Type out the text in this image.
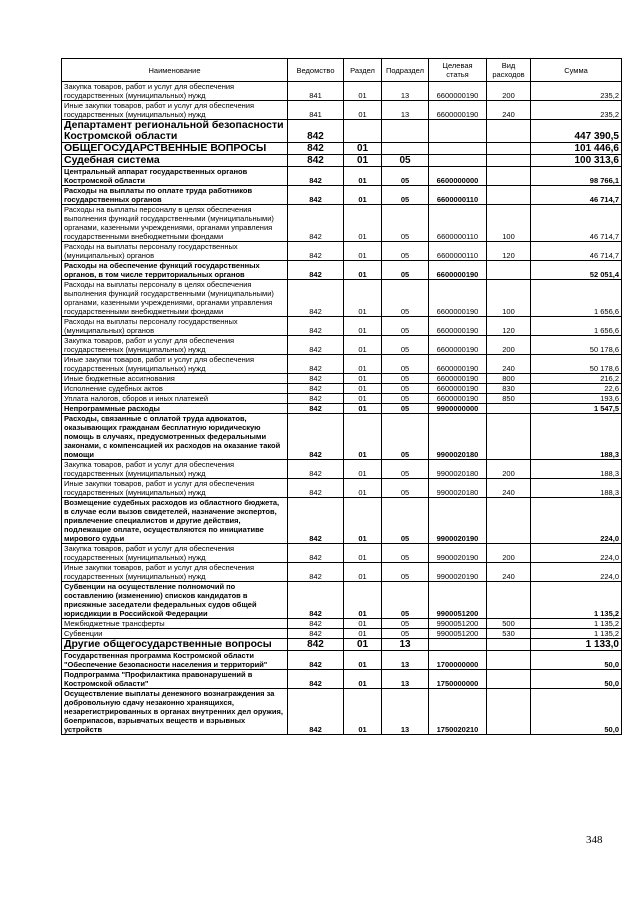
Наименование	Ведомство	Раздел	Подраздел	Целевая статья	Вид расходов	Сумма
Закупка товаров, работ и услуг для обеспечения государственных (муниципальных) нужд	841	01	13	6600000190	200	235,2
Иные закупки товаров, работ и услуг для обеспечения государственных (муниципальных) нужд	841	01	13	6600000190	240	235,2
Департамент региональной безопасности Костромской области	842					447 390,5
ОБЩЕГОСУДАРСТВЕННЫЕ ВОПРОСЫ	842	01				101 446,6
Судебная система	842	01	05			100 313,6
Центральный аппарат государственных органов Костромской области	842	01	05	6600000000		98 766,1
Расходы на выплаты по оплате труда работников государственных органов	842	01	05	6600000110		46 714,7
Расходы на выплаты персоналу в целях обеспечения выполнения функций государственными (муниципальными) органами, казенными учреждениями, органами управления государственными внебюджетными фондами	842	01	05	6600000110	100	46 714,7
Расходы на выплаты персоналу государственных (муниципальных) органов	842	01	05	6600000110	120	46 714,7
Расходы на обеспечение функций государственных органов, в том числе территориальных органов	842	01	05	6600000190		52 051,4
Расходы на выплаты персоналу в целях обеспечения выполнения функций государственными (муниципальными) органами, казенными учреждениями, органами управления государственными внебюджетными фондами	842	01	05	6600000190	100	1 656,6
Расходы на выплаты персоналу государственных (муниципальных) органов	842	01	05	6600000190	120	1 656,6
Закупка товаров, работ и услуг для обеспечения государственных (муниципальных) нужд	842	01	05	6600000190	200	50 178,6
Иные закупки товаров, работ и услуг для обеспечения государственных (муниципальных) нужд	842	01	05	6600000190	240	50 178,6
Иные бюджетные ассигнования	842	01	05	6600000190	800	216,2
Исполнение судебных актов	842	01	05	6600000190	830	22,6
Уплата налогов, сборов и иных платежей	842	01	05	6600000190	850	193,6
Непрограммные расходы	842	01	05	9900000000		1 547,5
Расходы, связанные с оплатой труда адвокатов, оказывающих гражданам бесплатную юридическую помощь в случаях, предусмотренных федеральными законами, с компенсацией их расходов на оказание такой помощи	842	01	05	9900020180		188,3
Закупка товаров, работ и услуг для обеспечения государственных (муниципальных) нужд	842	01	05	9900020180	200	188,3
Иные закупки товаров, работ и услуг для обеспечения государственных (муниципальных) нужд	842	01	05	9900020180	240	188,3
Возмещение судебных расходов из областного бюджета, в случае если вызов свидетелей, назначение экспертов, привлечение специалистов и другие действия, подлежащие оплате, осуществляются по инициативе мирового судьи	842	01	05	9900020190		224,0
Закупка товаров, работ и услуг для обеспечения государственных (муниципальных) нужд	842	01	05	9900020190	200	224,0
Иные закупки товаров, работ и услуг для обеспечения государственных (муниципальных) нужд	842	01	05	9900020190	240	224,0
Субвенции на осуществление полномочий по составлению (изменению) списков кандидатов в присяжные заседатели федеральных судов общей юрисдикции в Российской Федерации	842	01	05	9900051200		1 135,2
Межбюджетные трансферты	842	01	05	9900051200	500	1 135,2
Субвенции	842	01	05	9900051200	530	1 135,2
Другие общегосударственные вопросы	842	01	13			1 133,0
Государственная программа Костромской области "Обеспечение безопасности населения и территорий"	842	01	13	1700000000		50,0
Подпрограмма "Профилактика правонарушений в Костромской области"	842	01	13	1750000000		50,0
Осуществление выплаты денежного вознаграждения за добровольную сдачу незаконно хранящихся, незарегистрированных в органах внутренних дел оружия, боеприпасов, взрывчатых веществ и взрывных устройств	842	01	13	1750020210		50,0
348
